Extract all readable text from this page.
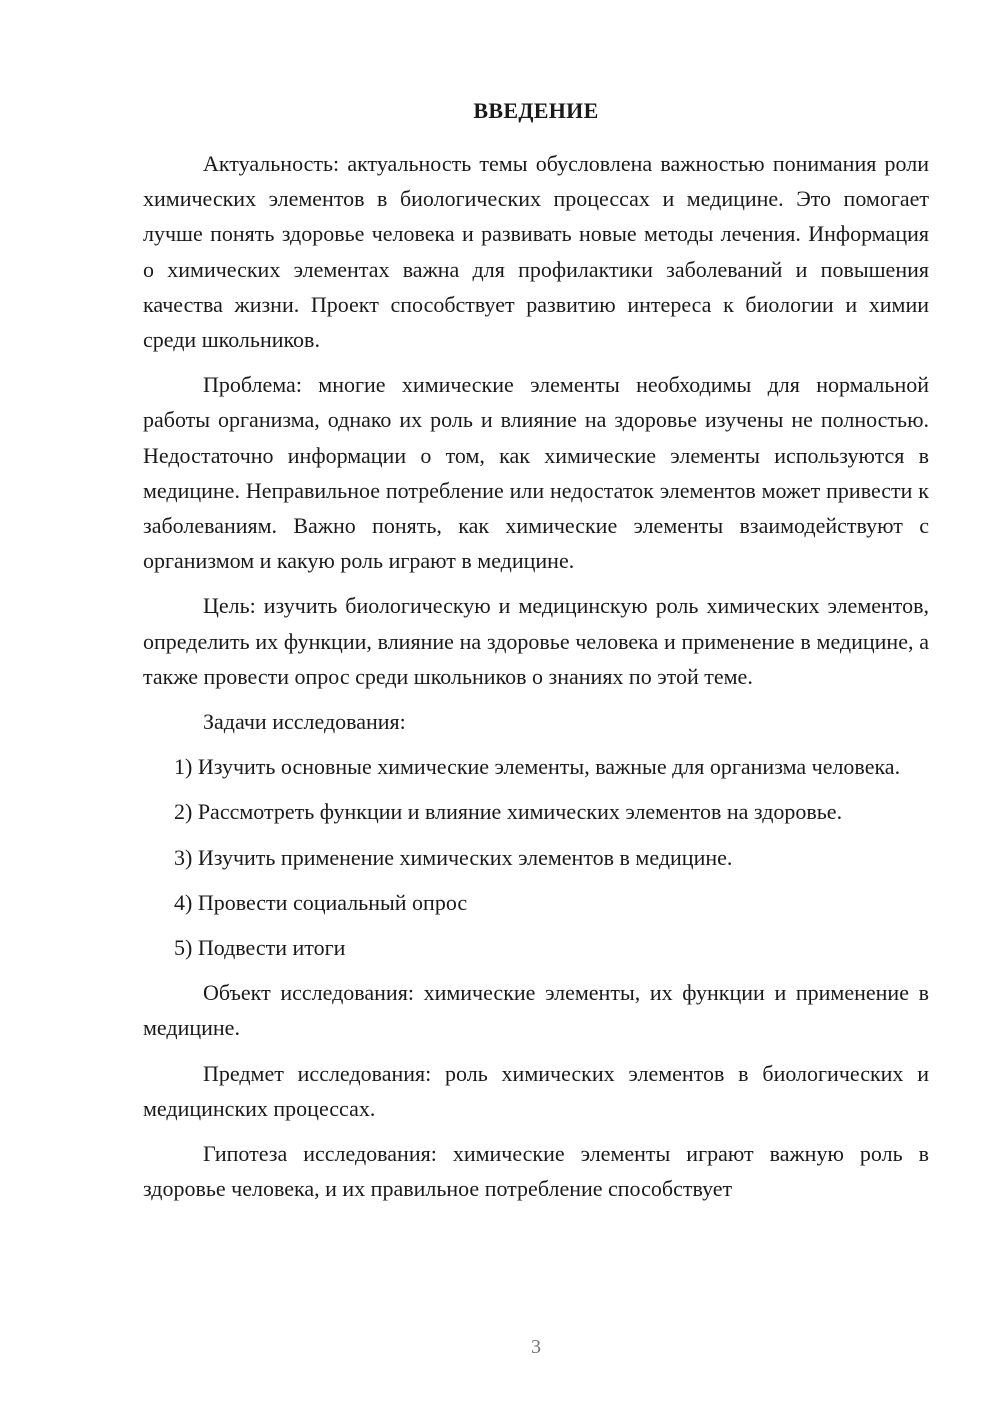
ВВЕДЕНИЕ

Актуальность: актуальность темы обусловлена важностью понимания роли химических элементов в биологических процессах и медицине. Это помогает лучше понять здоровье человека и развивать новые методы лечения. Информация о химических элементах важна для профилактики заболеваний и повышения качества жизни. Проект способствует развитию интереса к биологии и химии среди школьников.

Проблема: многие химические элементы необходимы для нормальной работы организма, однако их роль и влияние на здоровье изучены не полностью. Недостаточно информации о том, как химические элементы используются в медицине. Неправильное потребление или недостаток элементов может привести к заболеваниям. Важно понять, как химические элементы взаимодействуют с организмом и какую роль играют в медицине.

Цель: изучить биологическую и медицинскую роль химических элементов, определить их функции, влияние на здоровье человека и применение в медицине, а также провести опрос среди школьников о знаниях по этой теме.

Задачи исследования:

1) Изучить основные химические элементы, важные для организма человека.

2) Рассмотреть функции и влияние химических элементов на здоровье.

3) Изучить применение химических элементов в медицине.

4) Провести социальный опрос

5) Подвести итоги

Объект исследования: химические элементы, их функции и применение в медицине.

Предмет исследования: роль химических элементов в биологических и медицинских процессах.

Гипотеза исследования: химические элементы играют важную роль в здоровье человека, и их правильное потребление способствует

3
